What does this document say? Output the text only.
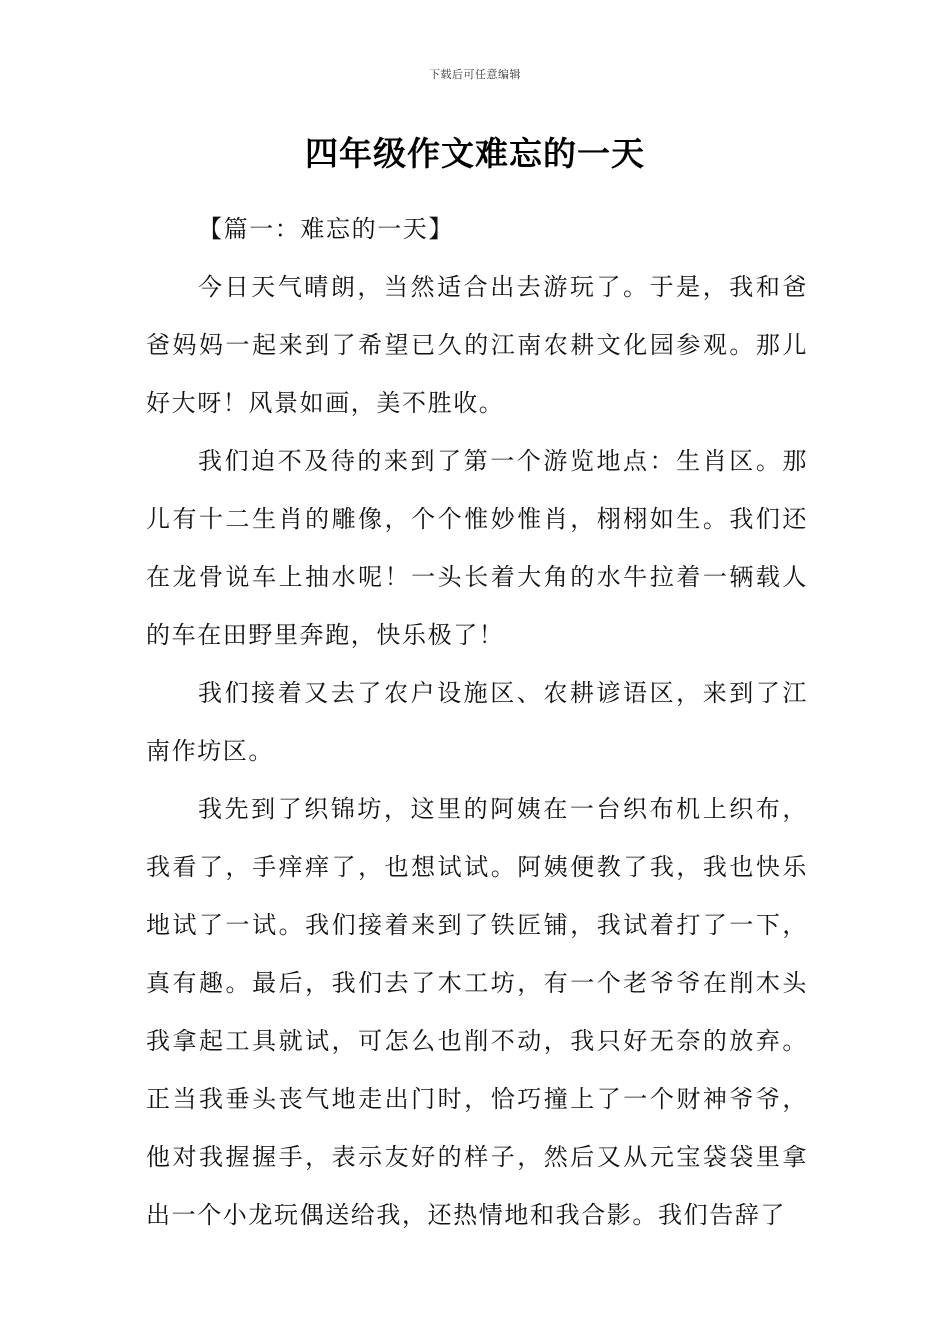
下载后可任意编辑
四年级作文难忘的一天

【篇一：难忘的一天】

今日天气晴朗，当然适合出去游玩了。于是，我和爸爸妈妈一起来到了希望已久的江南农耕文化园参观。那儿好大呀！风景如画，美不胜收。

我们迫不及待的来到了第一个游览地点：生肖区。那儿有十二生肖的雕像，个个惟妙惟肖，栩栩如生。我们还在龙骨说车上抽水呢！一头长着大角的水牛拉着一辆载人的车在田野里奔跑，快乐极了！

我们接着又去了农户设施区、农耕谚语区，来到了江南作坊区。

我先到了织锦坊，这里的阿姨在一台织布机上织布，我看了，手痒痒了，也想试试。阿姨便教了我，我也快乐地试了一试。我们接着来到了铁匠铺，我试着打了一下，真有趣。最后，我们去了木工坊，有一个老爷爷在削木头我拿起工具就试，可怎么也削不动，我只好无奈的放弃。正当我垂头丧气地走出门时，恰巧撞上了一个财神爷爷，他对我握握手，表示友好的样子，然后又从元宝袋袋里拿出一个小龙玩偶送给我，还热情地和我合影。我们告辞了
